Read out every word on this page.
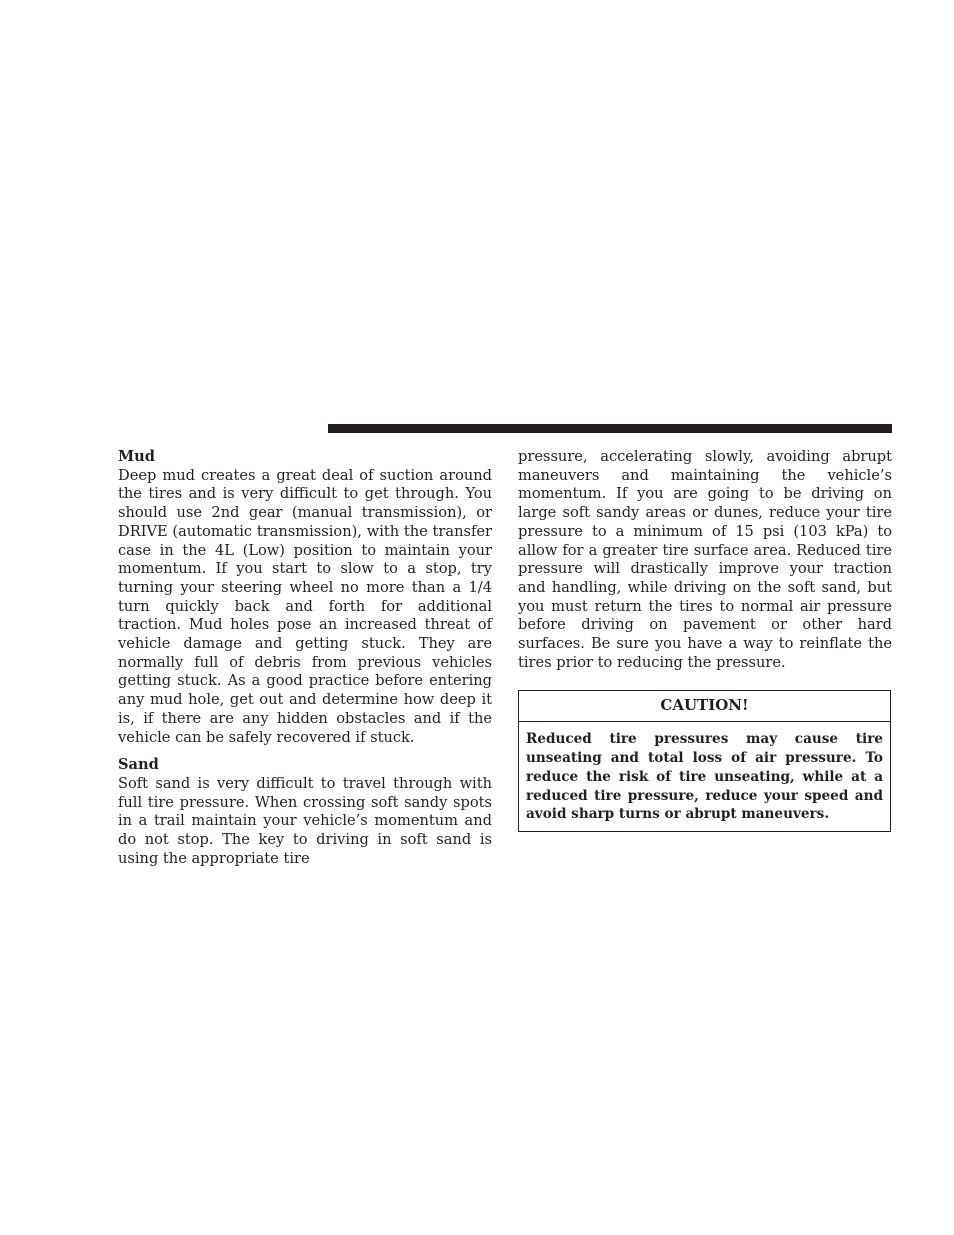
Mud

Deep mud creates a great deal of suction around the tires and is very difficult to get through. You should use 2nd gear (manual transmission), or DRIVE (automatic transmission), with the transfer case in the 4L (Low) position to maintain your momentum. If you start to slow to a stop, try turning your steering wheel no more than a 1/4 turn quickly back and forth for additional traction. Mud holes pose an increased threat of vehicle damage and getting stuck. They are normally full of debris from previous vehicles getting stuck. As a good practice before entering any mud hole, get out and determine how deep it is, if there are any hidden obstacles and if the vehicle can be safely recovered if stuck.

Sand

Soft sand is very difficult to travel through with full tire pressure. When crossing soft sandy spots in a trail maintain your vehicle’s momentum and do not stop. The key to driving in soft sand is using the appropriate tire

pressure, accelerating slowly, avoiding abrupt maneuvers and maintaining the vehicle’s momentum. If you are going to be driving on large soft sandy areas or dunes, reduce your tire pressure to a minimum of 15 psi (103 kPa) to allow for a greater tire surface area. Reduced tire pressure will drastically improve your traction and handling, while driving on the soft sand, but you must return the tires to normal air pressure before driving on pavement or other hard surfaces. Be sure you have a way to reinflate the tires prior to reducing the pressure.

CAUTION!

Reduced tire pressures may cause tire unseating and total loss of air pressure. To reduce the risk of tire unseating, while at a reduced tire pressure, reduce your speed and avoid sharp turns or abrupt maneuvers.
